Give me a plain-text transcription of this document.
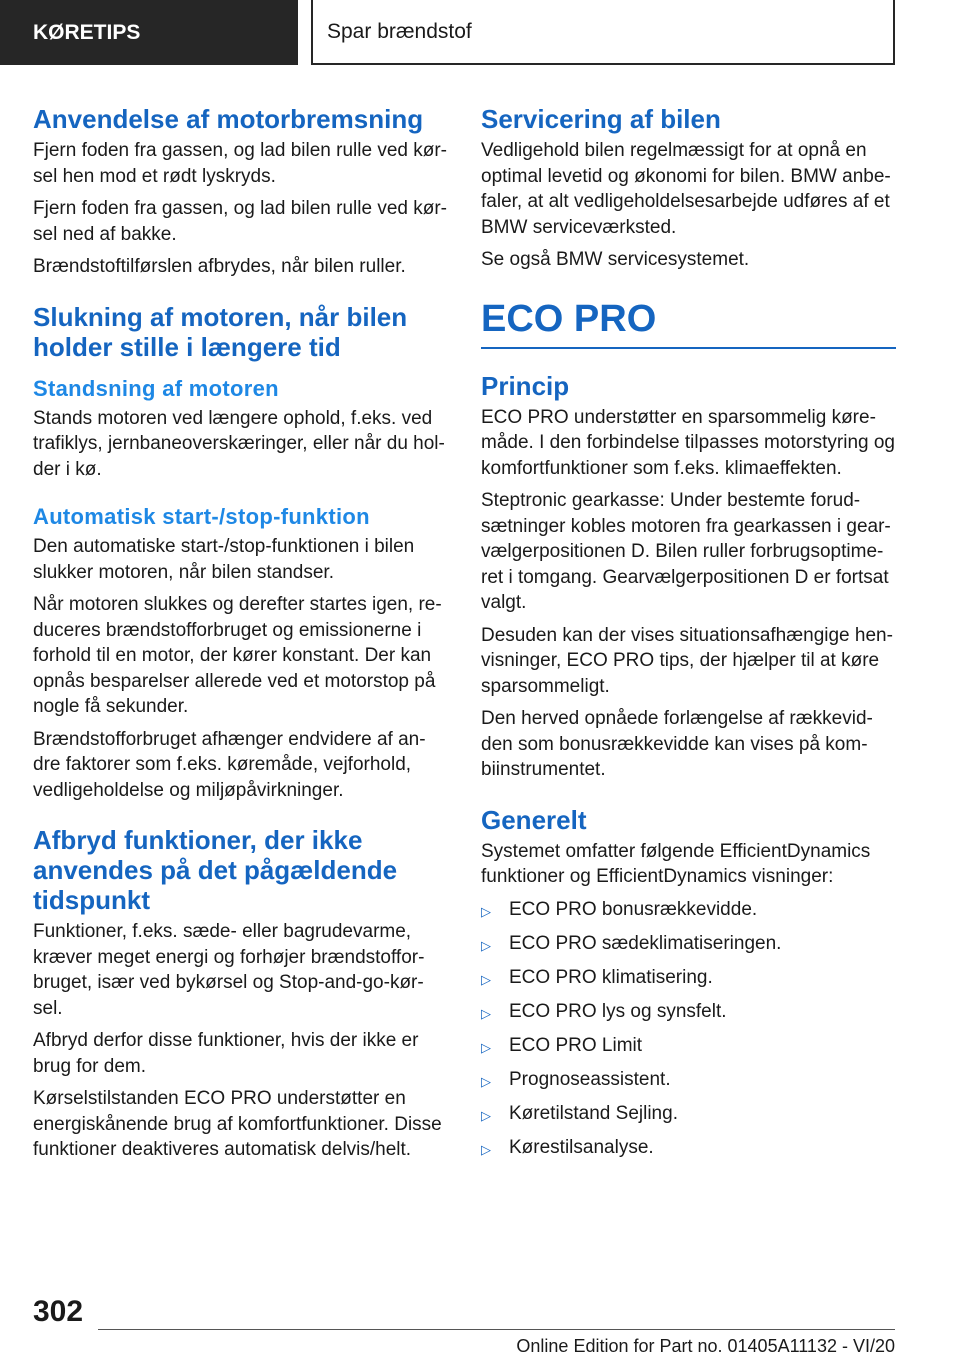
KØRETIPS	Spar brændstof
Anvendelse af motorbremsning

Fjern foden fra gassen, og lad bilen rulle ved kør-sel hen mod et rødt lyskryds.

Fjern foden fra gassen, og lad bilen rulle ved kør-sel ned af bakke.

Brændstoftilførslen afbrydes, når bilen ruller.

Slukning af motoren, når bilen holder stille i længere tid
Standsning af motoren

Stands motoren ved længere ophold, f.eks. ved trafiklys, jernbaneoverskæringer, eller når du hol-der i kø.

Automatisk start-/stop-funktion

Den automatiske start-/stop-funktionen i bilen slukker motoren, når bilen standser.

Når motoren slukkes og derefter startes igen, re-duceres brændstofforbruget og emissionerne i forhold til en motor, der kører konstant. Der kan opnås besparelser allerede ved et motorstop på nogle få sekunder.

Brændstofforbruget afhænger endvidere af an-dre faktorer som f.eks. køremåde, vejforhold, vedligeholdelse og miljøpåvirkninger.

Afbryd funktioner, der ikke anvendes på det pågældende tidspunkt

Funktioner, f.eks. sæde- eller bagrudevarme, kræver meget energi og forhøjer brændstoffor-bruget, især ved bykørsel og Stop-and-go-kør-sel.

Afbryd derfor disse funktioner, hvis der ikke er brug for dem.

Kørselstilstanden ECO PRO understøtter en energiskånende brug af komfortfunktioner. Disse funktioner deaktiveres automatisk delvis/helt.

Servicering af bilen

Vedligehold bilen regelmæssigt for at opnå en optimal levetid og økonomi for bilen. BMW anbe-faler, at alt vedligeholdelsesarbejde udføres af et BMW serviceværksted.

Se også BMW servicesystemet.

ECO PRO
Princip

ECO PRO understøtter en sparsommelig køre-måde. I den forbindelse tilpasses motorstyring og komfortfunktioner som f.eks. klimaeffekten.

Steptronic gearkasse: Under bestemte forud-sætninger kobles motoren fra gearkassen i gear-vælgerpositionen D. Bilen ruller forbrugsoptime-ret i tomgang. Gearvælgerpositionen D er fortsat valgt.

Desuden kan der vises situationsafhængige hen-visninger, ECO PRO tips, der hjælper til at køre sparsommeligt.

Den herved opnåede forlængelse af rækkevid-den som bonusrækkevidde kan vises på kom-biinstrumentet.

Generelt

Systemet omfatter følgende EfficientDynamics funktioner og EfficientDynamics visninger:

▷ ECO PRO bonusrækkevidde.
▷ ECO PRO sædeklimatiseringen.
▷ ECO PRO klimatisering.
▷ ECO PRO lys og synsfelt.
▷ ECO PRO Limit
▷ Prognoseassistent.
▷ Køretilstand Sejling.
▷ Kørestilsanalyse.
302
Online Edition for Part no. 01405A11132 - VI/20
